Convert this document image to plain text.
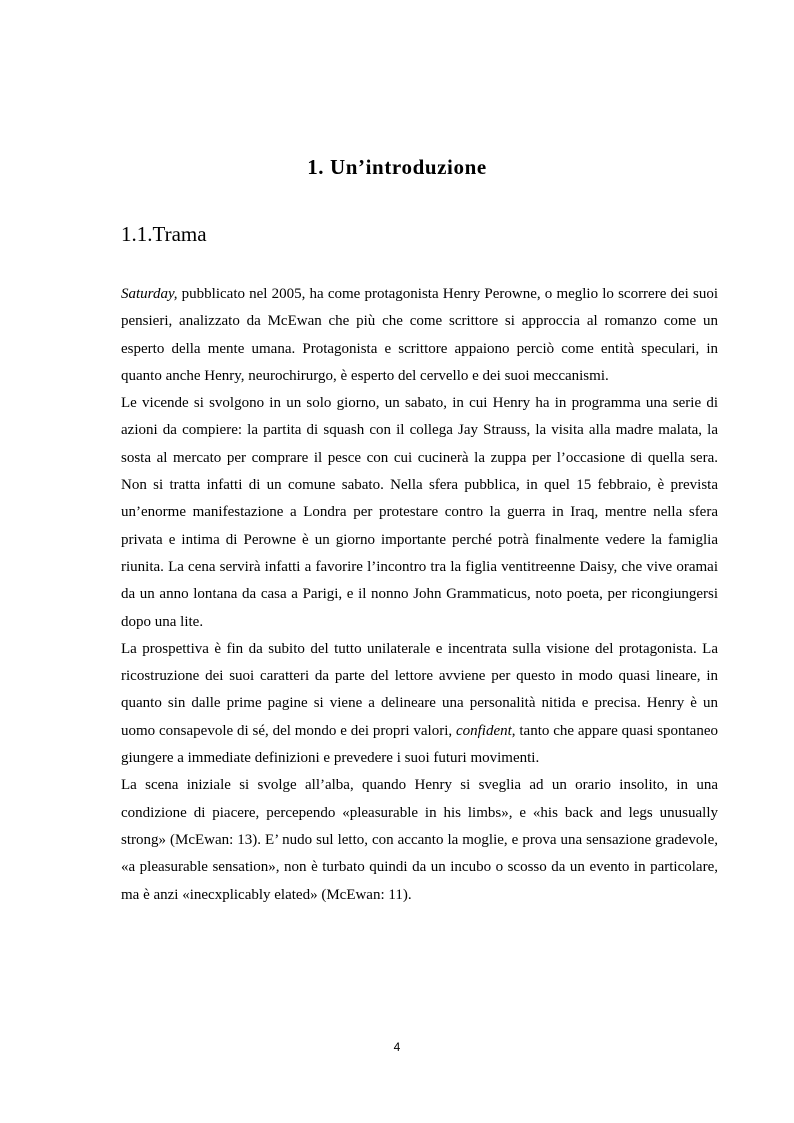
1. Un’introduzione
1.1.Trama

Saturday, pubblicato nel 2005, ha come protagonista Henry Perowne, o meglio lo scorrere dei suoi pensieri, analizzato da McEwan che più che come scrittore si approccia al romanzo come un esperto della mente umana. Protagonista e scrittore appaiono perciò come entità speculari, in quanto anche Henry, neurochirurgo, è esperto del cervello e dei suoi meccanismi.

Le vicende si svolgono in un solo giorno, un sabato, in cui Henry ha in programma una serie di azioni da compiere: la partita di squash con il collega Jay Strauss, la visita alla madre malata, la sosta al mercato per comprare il pesce con cui cucinerà la zuppa per l’occasione di quella sera. Non si tratta infatti di un comune sabato. Nella sfera pubblica, in quel 15 febbraio, è prevista un’enorme manifestazione a Londra per protestare contro la guerra in Iraq, mentre nella sfera privata e intima di Perowne è un giorno importante perché potrà finalmente vedere la famiglia riunita. La cena servirà infatti a favorire l’incontro tra la figlia ventitreenne Daisy, che vive oramai da un anno lontana da casa a Parigi, e il nonno John Grammaticus, noto poeta, per ricongiungersi dopo una lite.

La prospettiva è fin da subito del tutto unilaterale e incentrata sulla visione del protagonista. La ricostruzione dei suoi caratteri da parte del lettore avviene per questo in modo quasi lineare, in quanto sin dalle prime pagine si viene a delineare una personalità nitida e precisa. Henry è un uomo consapevole di sé, del mondo e dei propri valori, confident, tanto che appare quasi spontaneo giungere a immediate definizioni e prevedere i suoi futuri movimenti.

La scena iniziale si svolge all’alba, quando Henry si sveglia ad un orario insolito, in una condizione di piacere, percependo «pleasurable in his limbs», e «his back and legs unusually strong» (McEwan: 13). E’ nudo sul letto, con accanto la moglie, e prova una sensazione gradevole, «a pleasurable sensation», non è turbato quindi da un incubo o scosso da un evento in particolare, ma è anzi «inecxplicably elated» (McEwan: 11).

4
